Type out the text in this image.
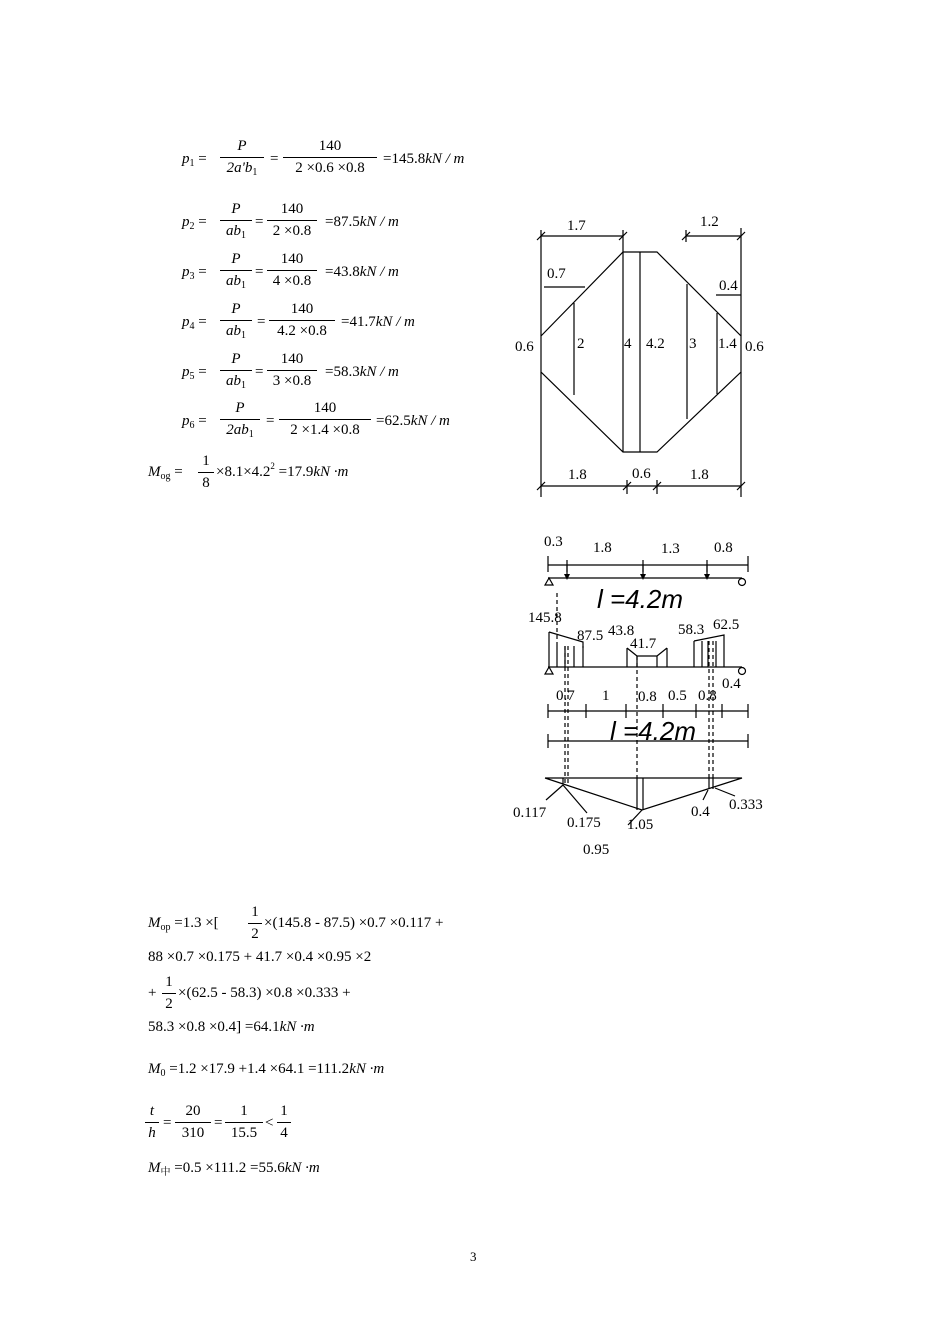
$p_1 = \frac{P}{2a'b_1} = \frac{140}{2 \times 0.6 \times 0.8} =145.8kN / m$
$p_2 = \frac{P}{ab_1} = \frac{140}{2 \times 0.8} =87.5kN / m$
$p_3 = \frac{P}{ab_1} = \frac{140}{4 \times 0.8} =43.8kN / m$
$p_4 = \frac{P}{ab_1} = \frac{140}{4.2 \times 0.8} =41.7kN / m$
$p_5 = \frac{P}{ab_1} = \frac{140}{3 \times 0.8} =58.3kN / m$
$p_6 = \frac{P}{2ab_1} = \frac{140}{2 \times 1.4 \times 0.8} =62.5kN / m$
$M_{og} = \frac{1}{8} \times 8.1\times 4.2^2 =17.9kN \cdot m$
1.7	1.2
0.7
0.4
0.6	2	4 4.2 3 1.4 0.6
1.8	0.6	1.8
0.3 1.8	1.3 0.8
l =4.2m
145.8
87.5 43.8
41.7
58.3 62.5
0.7 1 0.8 0.5 0.8
0.4
l =4.2m
0.117
0.175 1.05
0.95
0.4 0.333
$M_{op} =1.3$ ×[ $\frac{1}{2} \times(145.8 - 87.5) \times 0.7 \times 0.117$ +
88 ×0.7 ×0.175 + 41.7 ×0.4 ×0.95 ×2
+ $\frac{1}{2} \times(62.5 - 58.3) \times 0.8 \times 0.333$ +
58.3 ×0.8 ×0.4] =64.1kN ·m
$M_0 =1.2 \times 17.9 +1.4 \times 64.1 =111.2kN \cdot m$
$\frac{t}{h} = \frac{20}{310} = \frac{1}{15.5} < \frac{1}{4}$
$M_中 =0.5 \times 111.2 =55.6kN \cdot m$
3
